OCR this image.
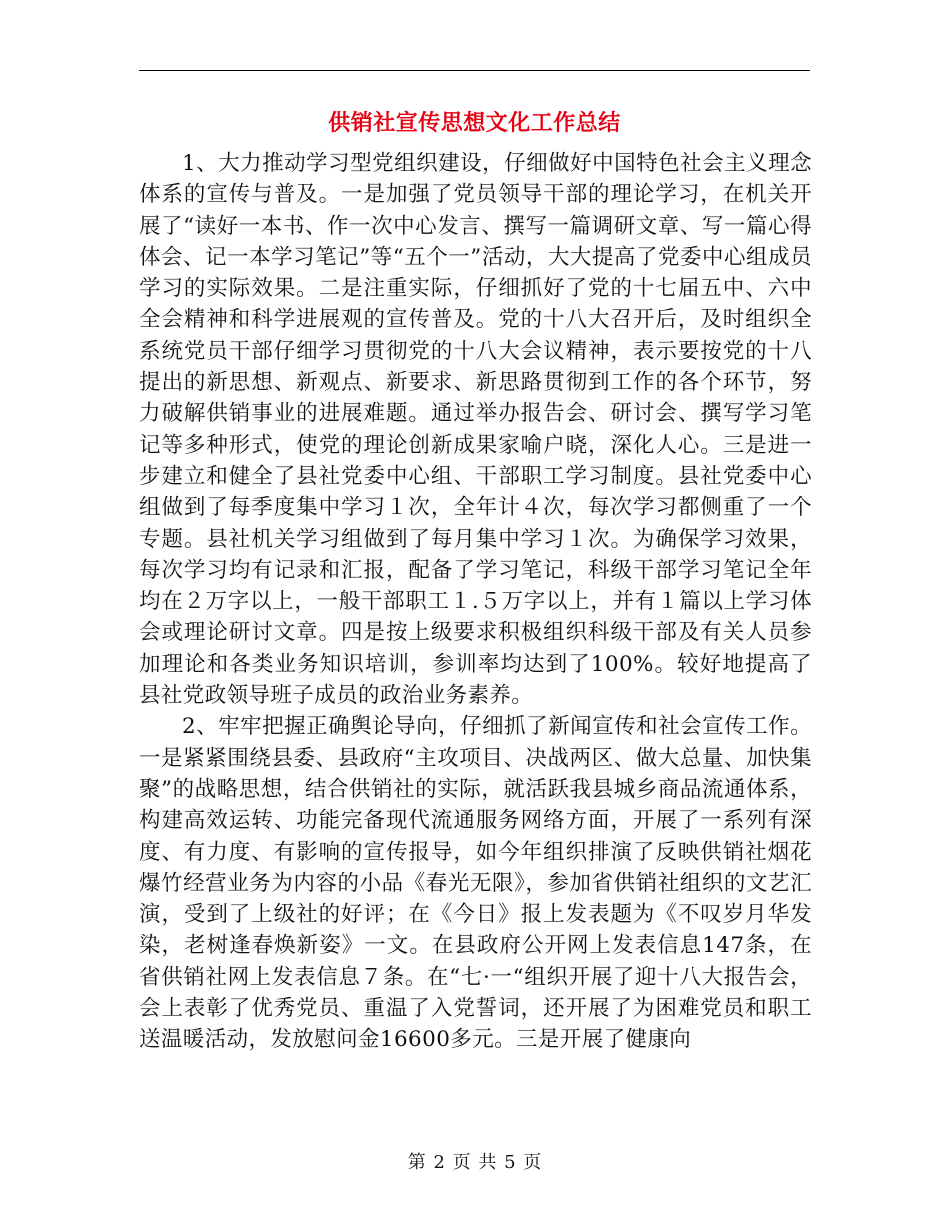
供销社宣传思想文化工作总结

1、大力推动学习型党组织建设，仔细做好中国特色社会主义理念体系的宣传与普及。一是加强了党员领导干部的理论学习，在机关开展了“读好一本书、作一次中心发言、撰写一篇调研文章、写一篇心得体会、记一本学习笔记”等“五个一”活动，大大提高了党委中心组成员学习的实际效果。二是注重实际，仔细抓好了党的十七届五中、六中全会精神和科学进展观的宣传普及。党的十八大召开后，及时组织全系统党员干部仔细学习贯彻党的十八大会议精神，表示要按党的十八提出的新思想、新观点、新要求、新思路贯彻到工作的各个环节，努力破解供销事业的进展难题。通过举办报告会、研讨会、撰写学习笔记等多种形式，使党的理论创新成果家喻户晓，深化人心。三是进一步建立和健全了县社党委中心组、干部职工学习制度。县社党委中心组做到了每季度集中学习１次，全年计４次，每次学习都侧重了一个专题。县社机关学习组做到了每月集中学习１次。为确保学习效果，每次学习均有记录和汇报，配备了学习笔记，科级干部学习笔记全年均在２万字以上，一般干部职工１.５万字以上，并有１篇以上学习体会或理论研讨文章。四是按上级要求积极组织科级干部及有关人员参加理论和各类业务知识培训，参训率均达到了100%。较好地提高了县社党政领导班子成员的政治业务素养。

2、牢牢把握正确舆论导向，仔细抓了新闻宣传和社会宣传工作。一是紧紧围绕县委、县政府“主攻项目、决战两区、做大总量、加快集聚”的战略思想，结合供销社的实际，就活跃我县城乡商品流通体系，构建高效运转、功能完备现代流通服务网络方面，开展了一系列有深度、有力度、有影响的宣传报导，如今年组织排演了反映供销社烟花爆竹经营业务为内容的小品《春光无限》，参加省供销社组织的文艺汇演，受到了上级社的好评；在《今日》报上发表题为《不叹岁月华发染，老树逢春焕新姿》一文。在县政府公开网上发表信息147条，在省供销社网上发表信息７条。在“七·一“组织开展了迎十八大报告会，会上表彰了优秀党员、重温了入党誓词，还开展了为困难党员和职工送温暖活动，发放慰问金16600多元。三是开展了健康向

第 2 页 共 5 页
